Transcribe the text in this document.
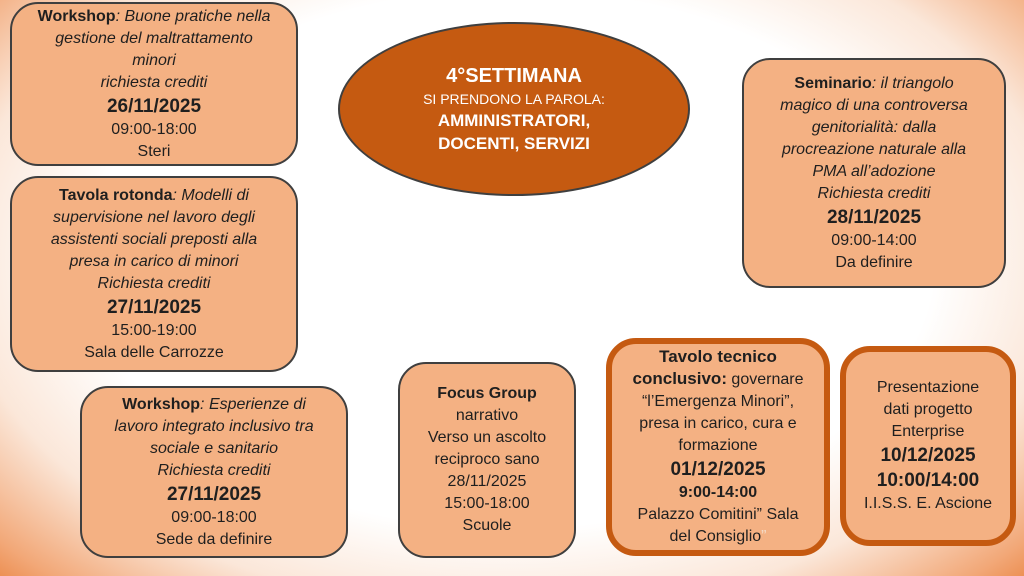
4°SETTIMANA
SI PRENDONO LA PAROLA:
AMMINISTRATORI,
DOCENTI, SERVIZI
Workshop: Buone pratiche nella
gestione del maltrattamento
minori
richiesta crediti
26/11/2025
09:00-18:00
Steri
Tavola rotonda: Modelli di
supervisione nel lavoro degli
assistenti sociali preposti alla
presa in carico di minori
Richiesta crediti
27/11/2025
15:00-19:00
Sala delle Carrozze
Workshop: Esperienze di
lavoro integrato inclusivo tra
sociale e sanitario
Richiesta crediti
27/11/2025
09:00-18:00
Sede da definire
Focus Group
narrativo
Verso un ascolto
reciproco sano
28/11/2025
15:00-18:00
Scuole
Tavolo tecnico
conclusivo: governare
“l’Emergenza Minori”,
presa in carico, cura e
formazione
01/12/2025
9:00-14:00
Palazzo Comitini” Sala
del Consiglio”
Presentazione
dati progetto
Enterprise
10/12/2025
10:00/14:00
I.I.S.S. E. Ascione
Seminario: il triangolo
magico di una controversa
genitorialità: dalla
procreazione naturale alla
PMA all’adozione
Richiesta crediti
28/11/2025
09:00-14:00
Da definire
